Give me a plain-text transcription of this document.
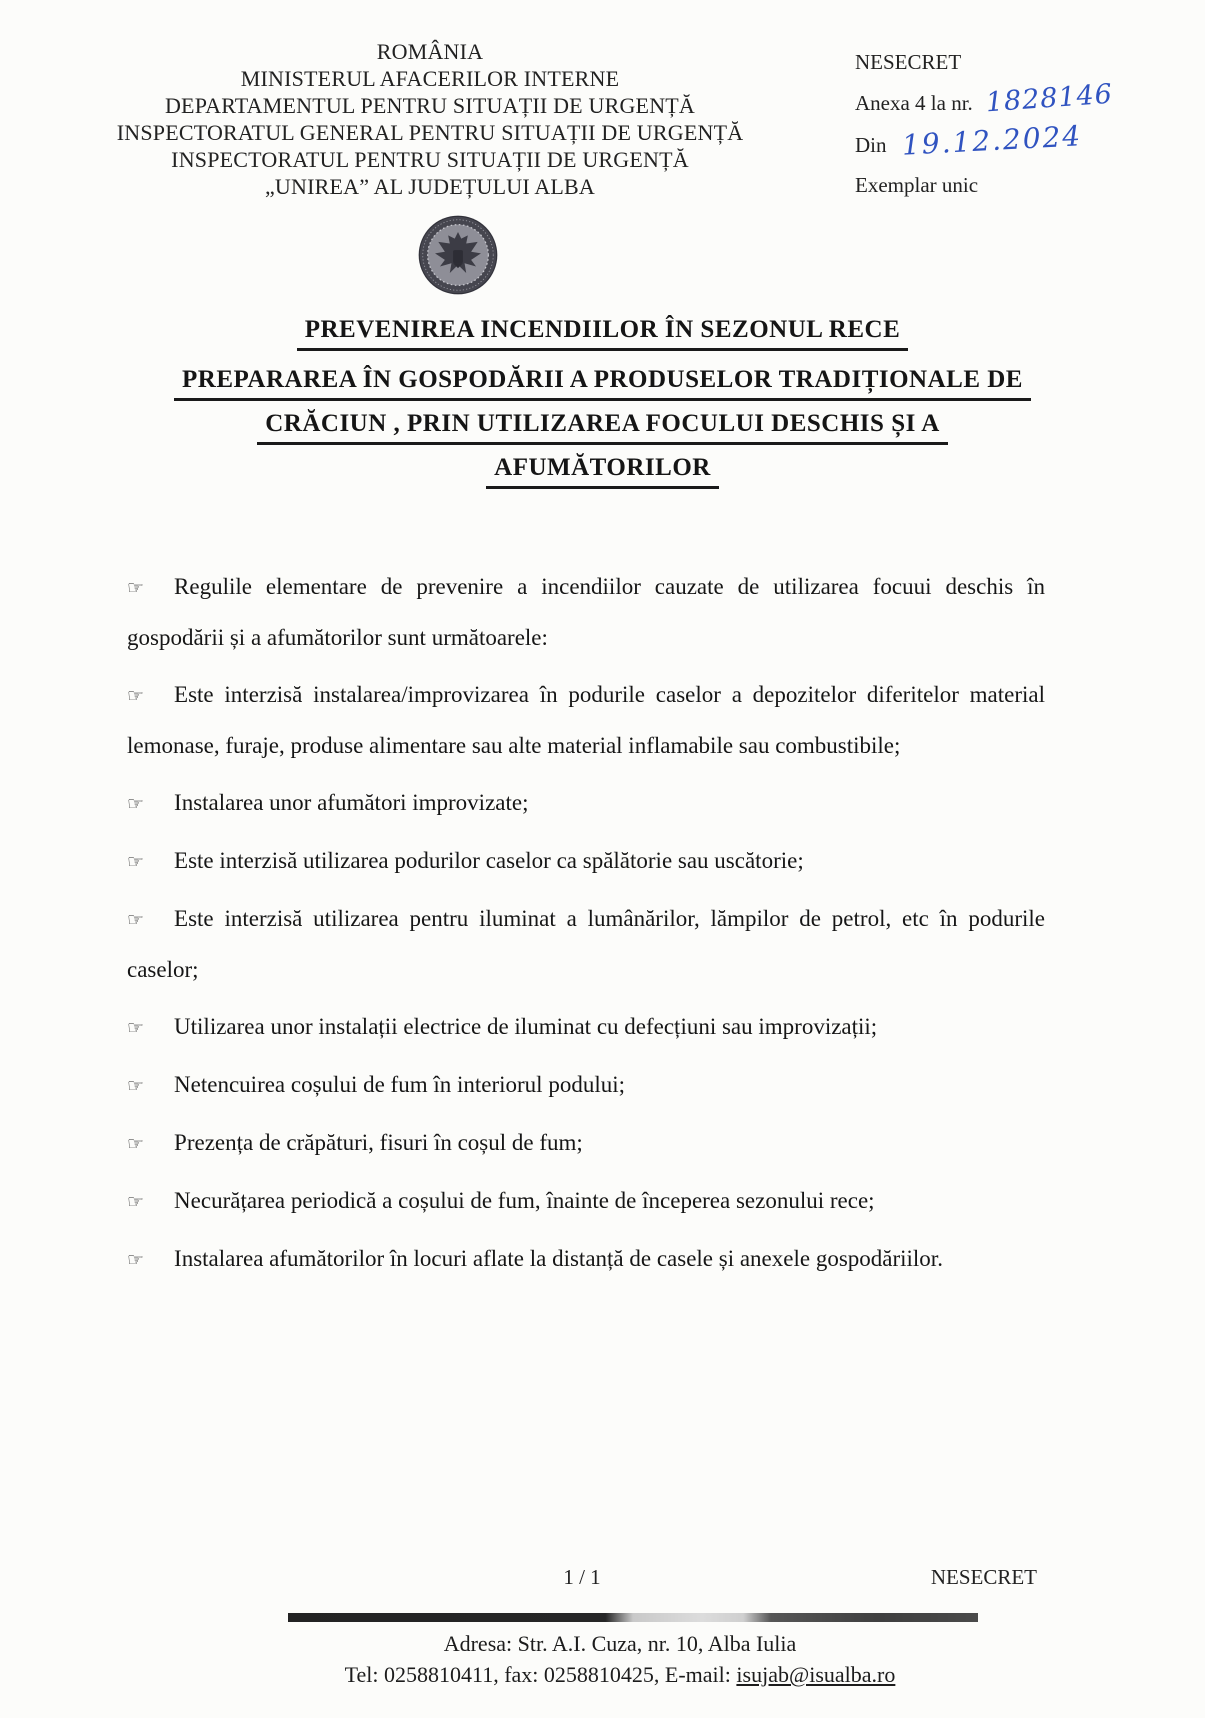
ROMÂNIA
MINISTERUL AFACERILOR INTERNE
DEPARTAMENTUL PENTRU SITUAȚII DE URGENȚĂ
INSPECTORATUL GENERAL PENTRU SITUAȚII DE URGENȚĂ
INSPECTORATUL PENTRU SITUAȚII DE URGENȚĂ
„UNIREA” AL JUDEȚULUI ALBA
NESECRET
Anexa 4 la nr. 1828146
Din 19.12.2024
Exemplar unic
PREVENIREA INCENDIILOR ÎN SEZONUL RECE
PREPARAREA ÎN GOSPODĂRII A PRODUSELOR TRADIȚIONALE DE
CRĂCIUN , PRIN UTILIZAREA FOCULUI DESCHIS ȘI A
AFUMĂTORILOR

☞ Regulile elementare de prevenire a incendiilor cauzate de utilizarea focuui deschis în gospodării și a afumătorilor sunt următoarele:

☞ Este interzisă instalarea/improvizarea în podurile caselor a depozitelor diferitelor material lemonase, furaje, produse alimentare sau alte material inflamabile sau combustibile;

☞ Instalarea unor afumători improvizate;

☞ Este interzisă utilizarea podurilor caselor ca spălătorie sau uscătorie;

☞ Este interzisă utilizarea pentru iluminat a lumânărilor, lămpilor de petrol, etc în podurile caselor;

☞ Utilizarea unor instalații electrice de iluminat cu defecțiuni sau improvizații;

☞ Netencuirea coșului de fum în interiorul podului;

☞ Prezența de crăpături, fisuri în coșul de fum;

☞ Necurățarea periodică a coșului de fum, înainte de începerea sezonului rece;

☞ Instalarea afumătorilor în locuri aflate la distanță de casele și anexele gospodăriilor.

1 / 1	NESECRET
Adresa: Str. A.I. Cuza, nr. 10, Alba Iulia
Tel: 0258810411, fax: 0258810425, E-mail: isujab@isualba.ro
